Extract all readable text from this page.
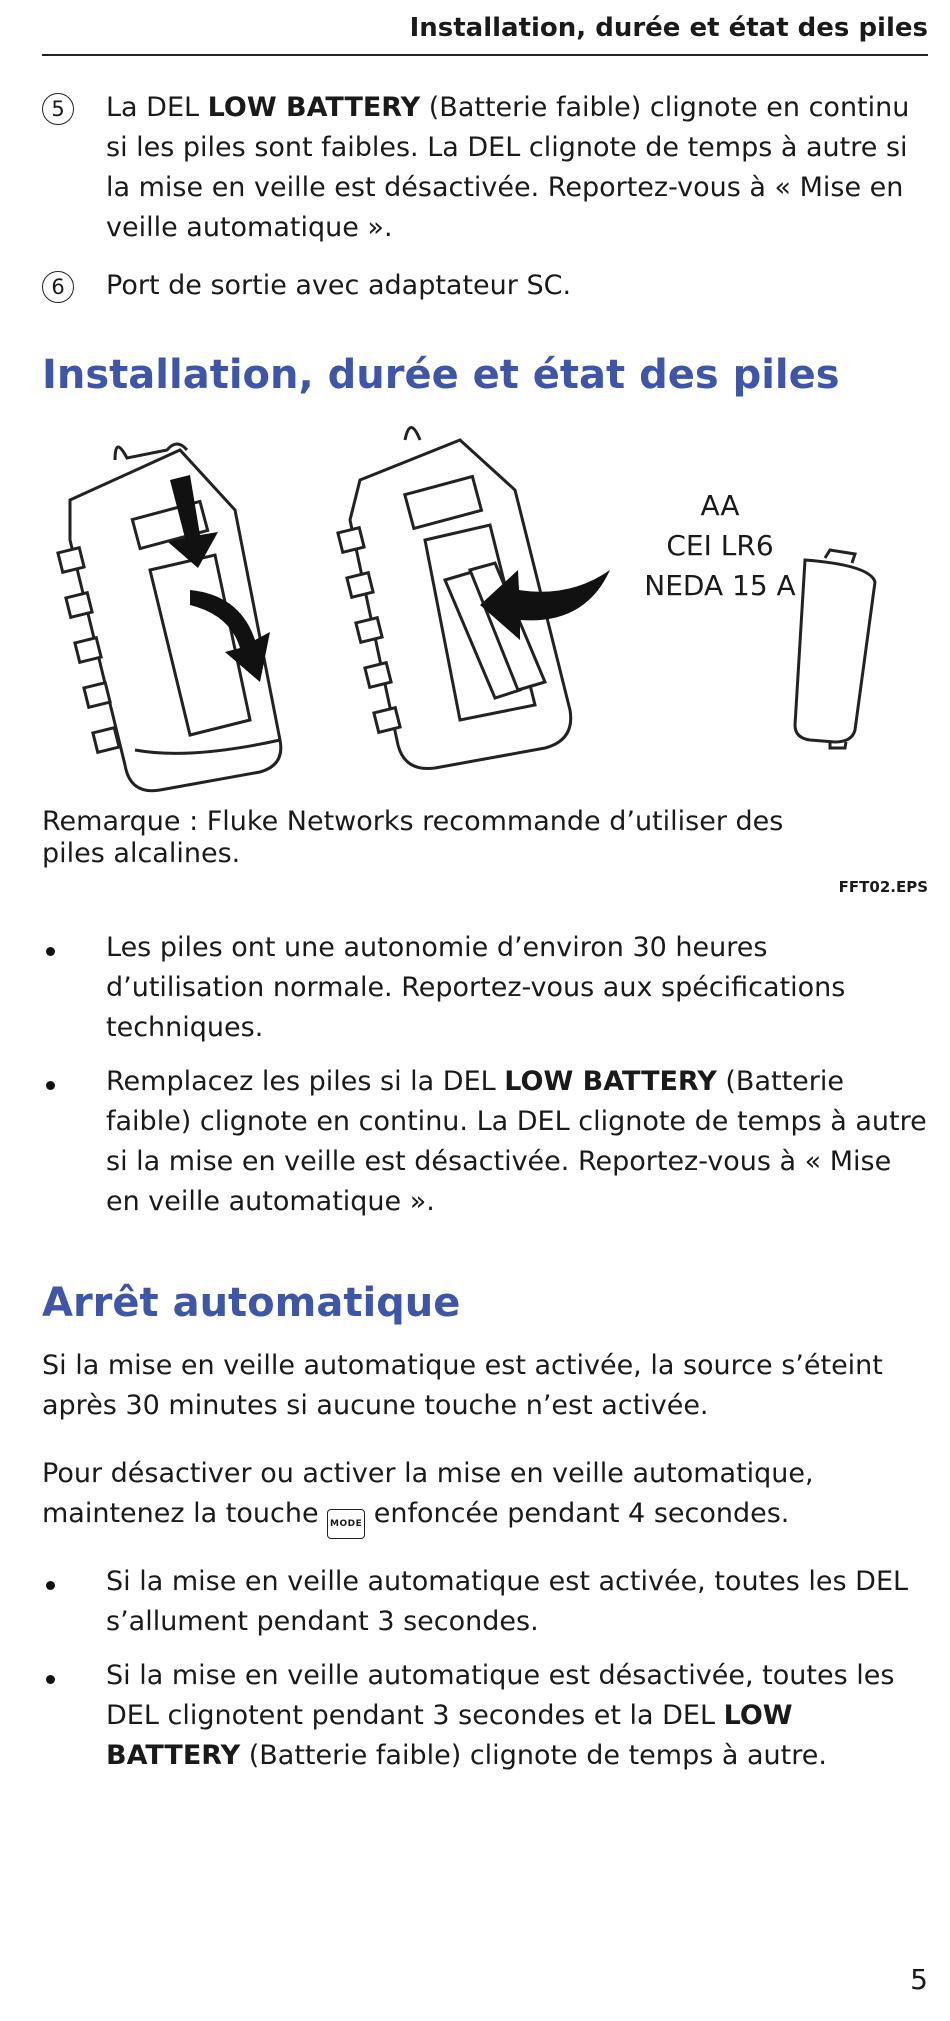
Installation, durée et état des piles
5	La DEL LOW BATTERY (Batterie faible) clignote en continu si les piles sont faibles. La DEL clignote de temps à autre si la mise en veille est désactivée. Reportez-vous à « Mise en veille automatique ».
6	Port de sortie avec adaptateur SC.
Installation, durée et état des piles
AA
CEI LR6
NEDA 15 A
Remarque : Fluke Networks recommande d’utiliser des piles alcalines.
FFT02.EPS
Les piles ont une autonomie d’environ 30 heures d’utilisation normale. Reportez-vous aux spécifications techniques.
Remplacez les piles si la DEL LOW BATTERY (Batterie faible) clignote en continu. La DEL clignote de temps à autre si la mise en veille est désactivée. Reportez-vous à « Mise en veille automatique ».
Arrêt automatique
Si la mise en veille automatique est activée, la source s’éteint après 30 minutes si aucune touche n’est activée.
Pour désactiver ou activer la mise en veille automatique, maintenez la touche MODE enfoncée pendant 4 secondes.
Si la mise en veille automatique est activée, toutes les DEL s’allument pendant 3 secondes.
Si la mise en veille automatique est désactivée, toutes les DEL clignotent pendant 3 secondes et la DEL LOW BATTERY (Batterie faible) clignote de temps à autre.
5
